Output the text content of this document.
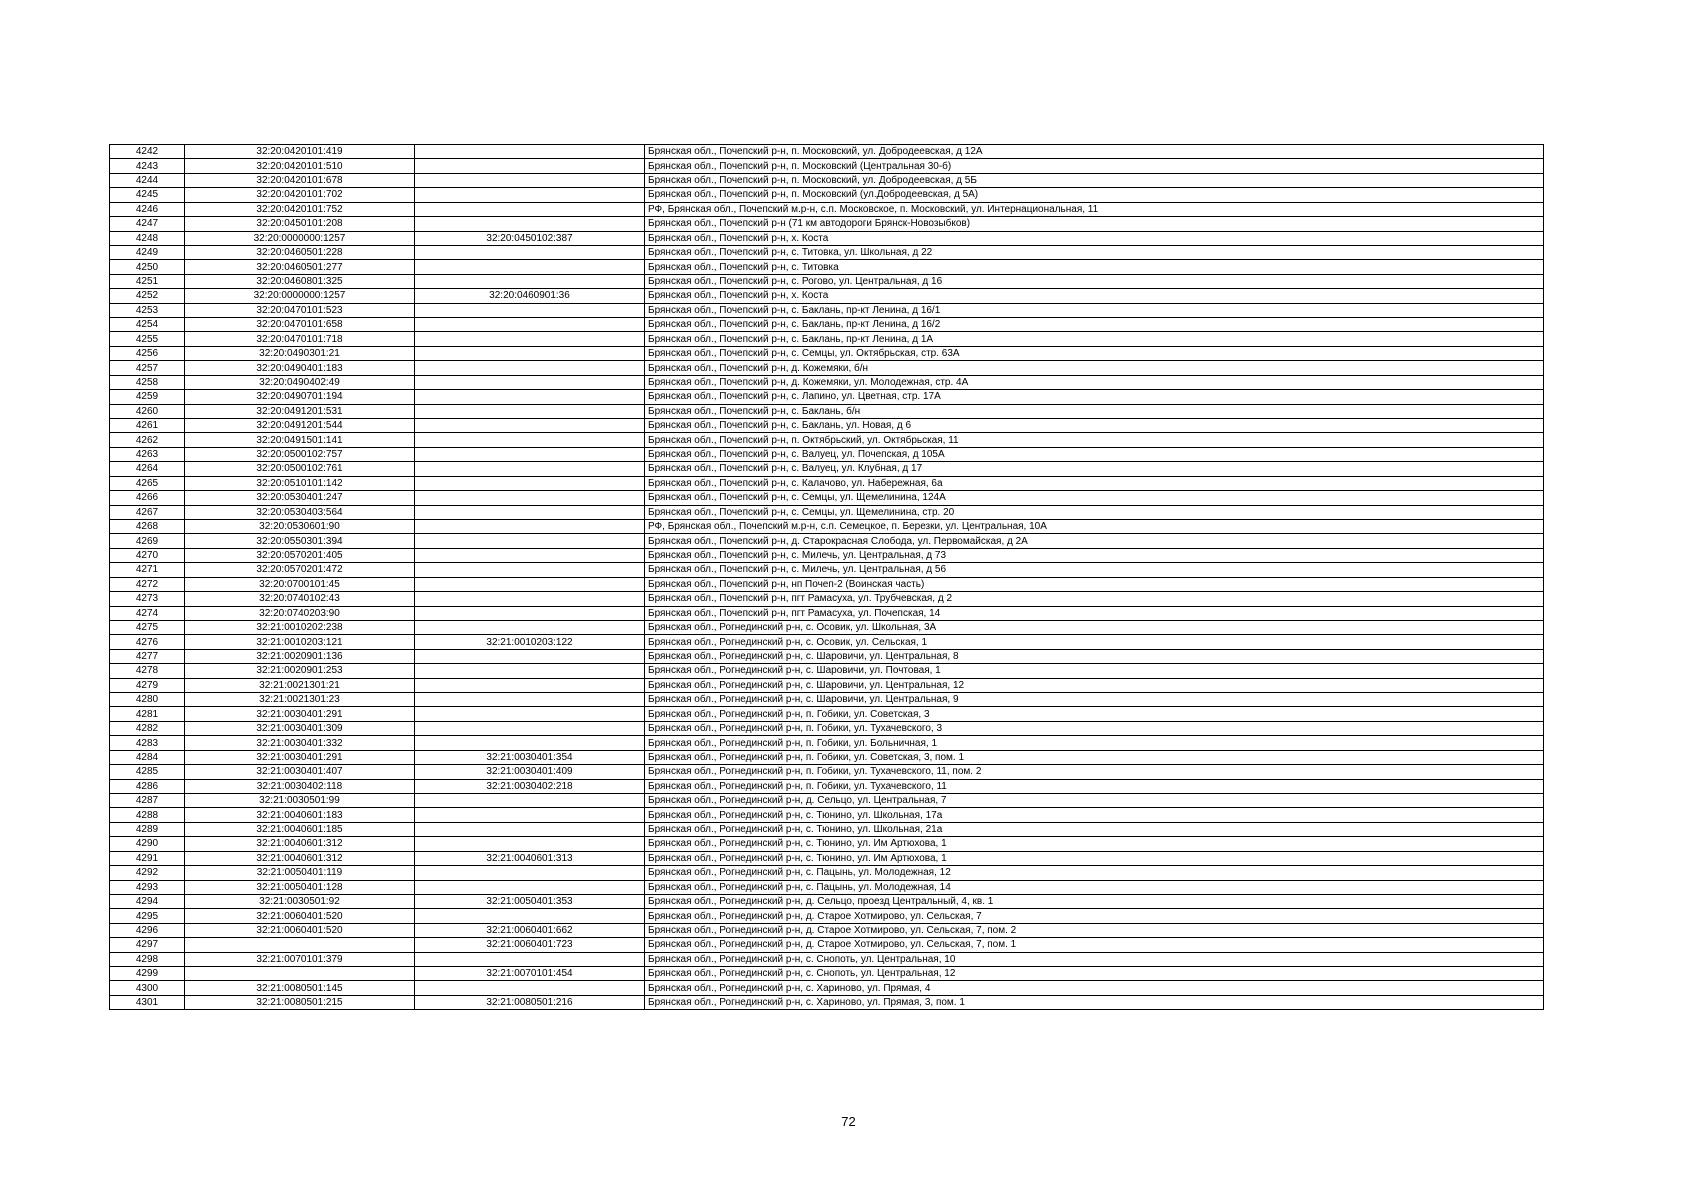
4242	32:20:0420101:419		Брянская обл., Почепский р-н, п. Московский, ул. Добродеевская, д 12А
4243	32:20:0420101:510		Брянская обл., Почепский р-н, п. Московский (Центральная 30-б)
4244	32:20:0420101:678		Брянская обл., Почепский р-н, п. Московский, ул. Добродеевская, д 5Б
4245	32:20:0420101:702		Брянская обл., Почепский р-н, п. Московский (ул.Добродеевская, д 5А)
4246	32:20:0420101:752		РФ, Брянская обл., Почепский м.р-н, с.п. Московское, п. Московский, ул. Интернациональная, 11
4247	32:20:0450101:208		Брянская обл., Почепский р-н (71 км автодороги Брянск-Новозыбков)
4248	32:20:0000000:1257	32:20:0450102:387	Брянская обл., Почепский р-н, х. Коста
4249	32:20:0460501:228		Брянская обл., Почепский р-н, с. Титовка, ул. Школьная, д 22
4250	32:20:0460501:277		Брянская обл., Почепский р-н, с. Титовка
4251	32:20:0460801:325		Брянская обл., Почепский р-н, с. Рогово, ул. Центральная, д 16
4252	32:20:0000000:1257	32:20:0460901:36	Брянская обл., Почепский р-н, х. Коста
4253	32:20:0470101:523		Брянская обл., Почепский р-н, с. Баклань, пр-кт Ленина, д 16/1
4254	32:20:0470101:658		Брянская обл., Почепский р-н, с. Баклань, пр-кт Ленина, д 16/2
4255	32:20:0470101:718		Брянская обл., Почепский р-н, с. Баклань, пр-кт Ленина, д 1А
4256	32:20:0490301:21		Брянская обл., Почепский р-н, с. Семцы, ул. Октябрьская, стр. 63А
4257	32:20:0490401:183		Брянская обл., Почепский р-н, д. Кожемяки, б/н
4258	32:20:0490402:49		Брянская обл., Почепский р-н, д. Кожемяки, ул. Молодежная, стр. 4А
4259	32:20:0490701:194		Брянская обл., Почепский р-н, с. Лапино, ул. Цветная, стр. 17А
4260	32:20:0491201:531		Брянская обл., Почепский р-н, с. Баклань, б/н
4261	32:20:0491201:544		Брянская обл., Почепский р-н, с. Баклань, ул. Новая, д 6
4262	32:20:0491501:141		Брянская обл., Почепский р-н, п. Октябрьский, ул. Октябрьская, 11
4263	32:20:0500102:757		Брянская обл., Почепский р-н, с. Валуец, ул. Почепская, д 105А
4264	32:20:0500102:761		Брянская обл., Почепский р-н, с. Валуец, ул. Клубная, д 17
4265	32:20:0510101:142		Брянская обл., Почепский р-н, с. Калачово, ул. Набережная, 6а
4266	32:20:0530401:247		Брянская обл., Почепский р-н, с. Семцы, ул. Щемелинина, 124А
4267	32:20:0530403:564		Брянская обл., Почепский р-н, с. Семцы, ул. Щемелинина, стр. 20
4268	32:20:0530601:90		РФ, Брянская обл., Почепский м.р-н, с.п. Семецкое, п. Березки, ул. Центральная, 10А
4269	32:20:0550301:394		Брянская обл., Почепский р-н, д. Старокрасная Слобода, ул. Первомайская, д 2А
4270	32:20:0570201:405		Брянская обл., Почепский р-н, с. Милечь, ул. Центральная, д 73
4271	32:20:0570201:472		Брянская обл., Почепский р-н, с. Милечь, ул. Центральная, д 56
4272	32:20:0700101:45		Брянская обл., Почепский р-н, нп Почеп-2 (Воинская часть)
4273	32:20:0740102:43		Брянская обл., Почепский р-н, пгт Рамасуха, ул. Трубчевская, д 2
4274	32:20:0740203:90		Брянская обл., Почепский р-н, пгт Рамасуха, ул. Почепская, 14
4275	32:21:0010202:238		Брянская обл., Рогнединский р-н, с. Осовик, ул. Школьная, 3А
4276	32:21:0010203:121	32:21:0010203:122	Брянская обл., Рогнединский р-н, с. Осовик, ул. Сельская, 1
4277	32:21:0020901:136		Брянская обл., Рогнединский р-н, с. Шаровичи, ул. Центральная, 8
4278	32:21:0020901:253		Брянская обл., Рогнединский р-н, с. Шаровичи, ул. Почтовая, 1
4279	32:21:0021301:21		Брянская обл., Рогнединский р-н, с. Шаровичи, ул. Центральная, 12
4280	32:21:0021301:23		Брянская обл., Рогнединский р-н, с. Шаровичи, ул. Центральная, 9
4281	32:21:0030401:291		Брянская обл., Рогнединский р-н, п. Гобики, ул. Советская, 3
4282	32:21:0030401:309		Брянская обл., Рогнединский р-н, п. Гобики, ул. Тухачевского, 3
4283	32:21:0030401:332		Брянская обл., Рогнединский р-н, п. Гобики, ул. Больничная, 1
4284	32:21:0030401:291	32:21:0030401:354	Брянская обл., Рогнединский р-н, п. Гобики, ул. Советская, 3, пом. 1
4285	32:21:0030401:407	32:21:0030401:409	Брянская обл., Рогнединский р-н, п. Гобики, ул. Тухачевского, 11, пом. 2
4286	32:21:0030402:118	32:21:0030402:218	Брянская обл., Рогнединский р-н, п. Гобики, ул. Тухачевского, 11
4287	32:21:0030501:99		Брянская обл., Рогнединский р-н, д. Сельцо, ул. Центральная, 7
4288	32:21:0040601:183		Брянская обл., Рогнединский р-н, с. Тюнино, ул. Школьная, 17а
4289	32:21:0040601:185		Брянская обл., Рогнединский р-н, с. Тюнино, ул. Школьная, 21а
4290	32:21:0040601:312		Брянская обл., Рогнединский р-н, с. Тюнино, ул. Им Артюхова, 1
4291	32:21:0040601:312	32:21:0040601:313	Брянская обл., Рогнединский р-н, с. Тюнино, ул. Им Артюхова, 1
4292	32:21:0050401:119		Брянская обл., Рогнединский р-н, с. Пацынь, ул. Молодежная, 12
4293	32:21:0050401:128		Брянская обл., Рогнединский р-н, с. Пацынь, ул. Молодежная, 14
4294	32:21:0030501:92	32:21:0050401:353	Брянская обл., Рогнединский р-н, д. Сельцо, проезд Центральный, 4, кв. 1
4295	32:21:0060401:520		Брянская обл., Рогнединский р-н, д. Старое Хотмирово, ул. Сельская, 7
4296	32:21:0060401:520	32:21:0060401:662	Брянская обл., Рогнединский р-н, д. Старое Хотмирово, ул. Сельская, 7, пом. 2
4297		32:21:0060401:723	Брянская обл., Рогнединский р-н, д. Старое Хотмирово, ул. Сельская, 7, пом. 1
4298	32:21:0070101:379		Брянская обл., Рогнединский р-н, с. Снопоть, ул. Центральная, 10
4299		32:21:0070101:454	Брянская обл., Рогнединский р-н, с. Снопоть, ул. Центральная, 12
4300	32:21:0080501:145		Брянская обл., Рогнединский р-н, с. Хариново, ул. Прямая, 4
4301	32:21:0080501:215	32:21:0080501:216	Брянская обл., Рогнединский р-н, с. Хариново, ул. Прямая, 3, пом. 1
72
